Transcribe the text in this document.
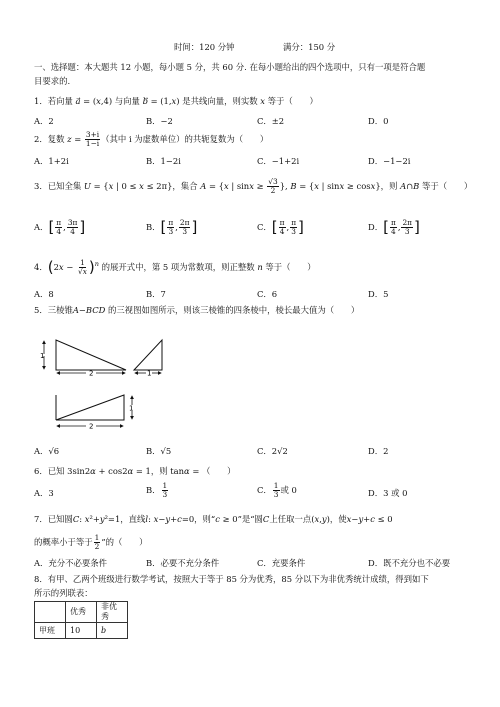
时间：120 分钟	满分：150 分
一、选择题：本大题共 12 小题，每小题 5 分，共 60 分. 在每小题给出的四个选项中，只有一项是符合题
目要求的.
1．若向量 a = (x,4) 与向量 b = (1,x) 是共线向量，则实数 x 等于（　　）
A．2	B．−2	C．±2	D．0
2．复数 $z = \frac{3+i}{1-i}$ （其中 i 为虚数单位）的共轭复数为（　　）
A．1+2i	B．1−2i	C．−1+2i	D．−1−2i
3．已知全集 U = {x | 0 ≤ x ≤ 2π}，集合 A = {x | $\sin x \ge \frac{√3}{2}$ }, B = {x | sinx ≥ cosx}，则 A∩B 等于（　　）
A．[ $\frac{\pi}{4}$ , $\frac{3\pi}{4}$ ]	B．[ $\frac{\pi}{3}$ , $\frac{2\pi}{3}$ ]	C．[ $\frac{\pi}{4}$ , $\frac{\pi}{3}$ ]	D．[ $\frac{\pi}{4}$ , $\frac{2\pi}{3}$ ]
4．$(2x - \frac{1}{√x} )^n$ 的展开式中，第 5 项为常数项，则正整数 n 等于（　　）
A．8	B．7	C．6	D．5
5．三棱锥A−BCD 的三视图如图所示，则该三棱锥的四条棱中，棱长最大值为（　　）
1
2	1
1
2
A．√6	B．√5	C．2√2	D．2
6．已知 3sin2α + cos2α = 1，则 tanα = （　　）
A．3	B． $\frac{1}{3}$	C． $\frac{1}{3}$ 或 0	D．3 或 0
7．已知圆C: x²+y²=1，直线l: x−y+c=0，则“c ≥ 0”是“圆C上任取一点(x,y)，使x−y+c ≤ 0
的概率小于等于 $\frac{1}{2}$ ”的（　　）
A．充分不必要条件	B．必要不充分条件	C．充要条件	D．既不充分也不必要
8．有甲、乙两个班级进行数学考试，按照大于等于 85 分为优秀，85 分以下为非优秀统计成绩，得到如下
所示的列联表：
	优秀	非优秀
甲班	10	b
